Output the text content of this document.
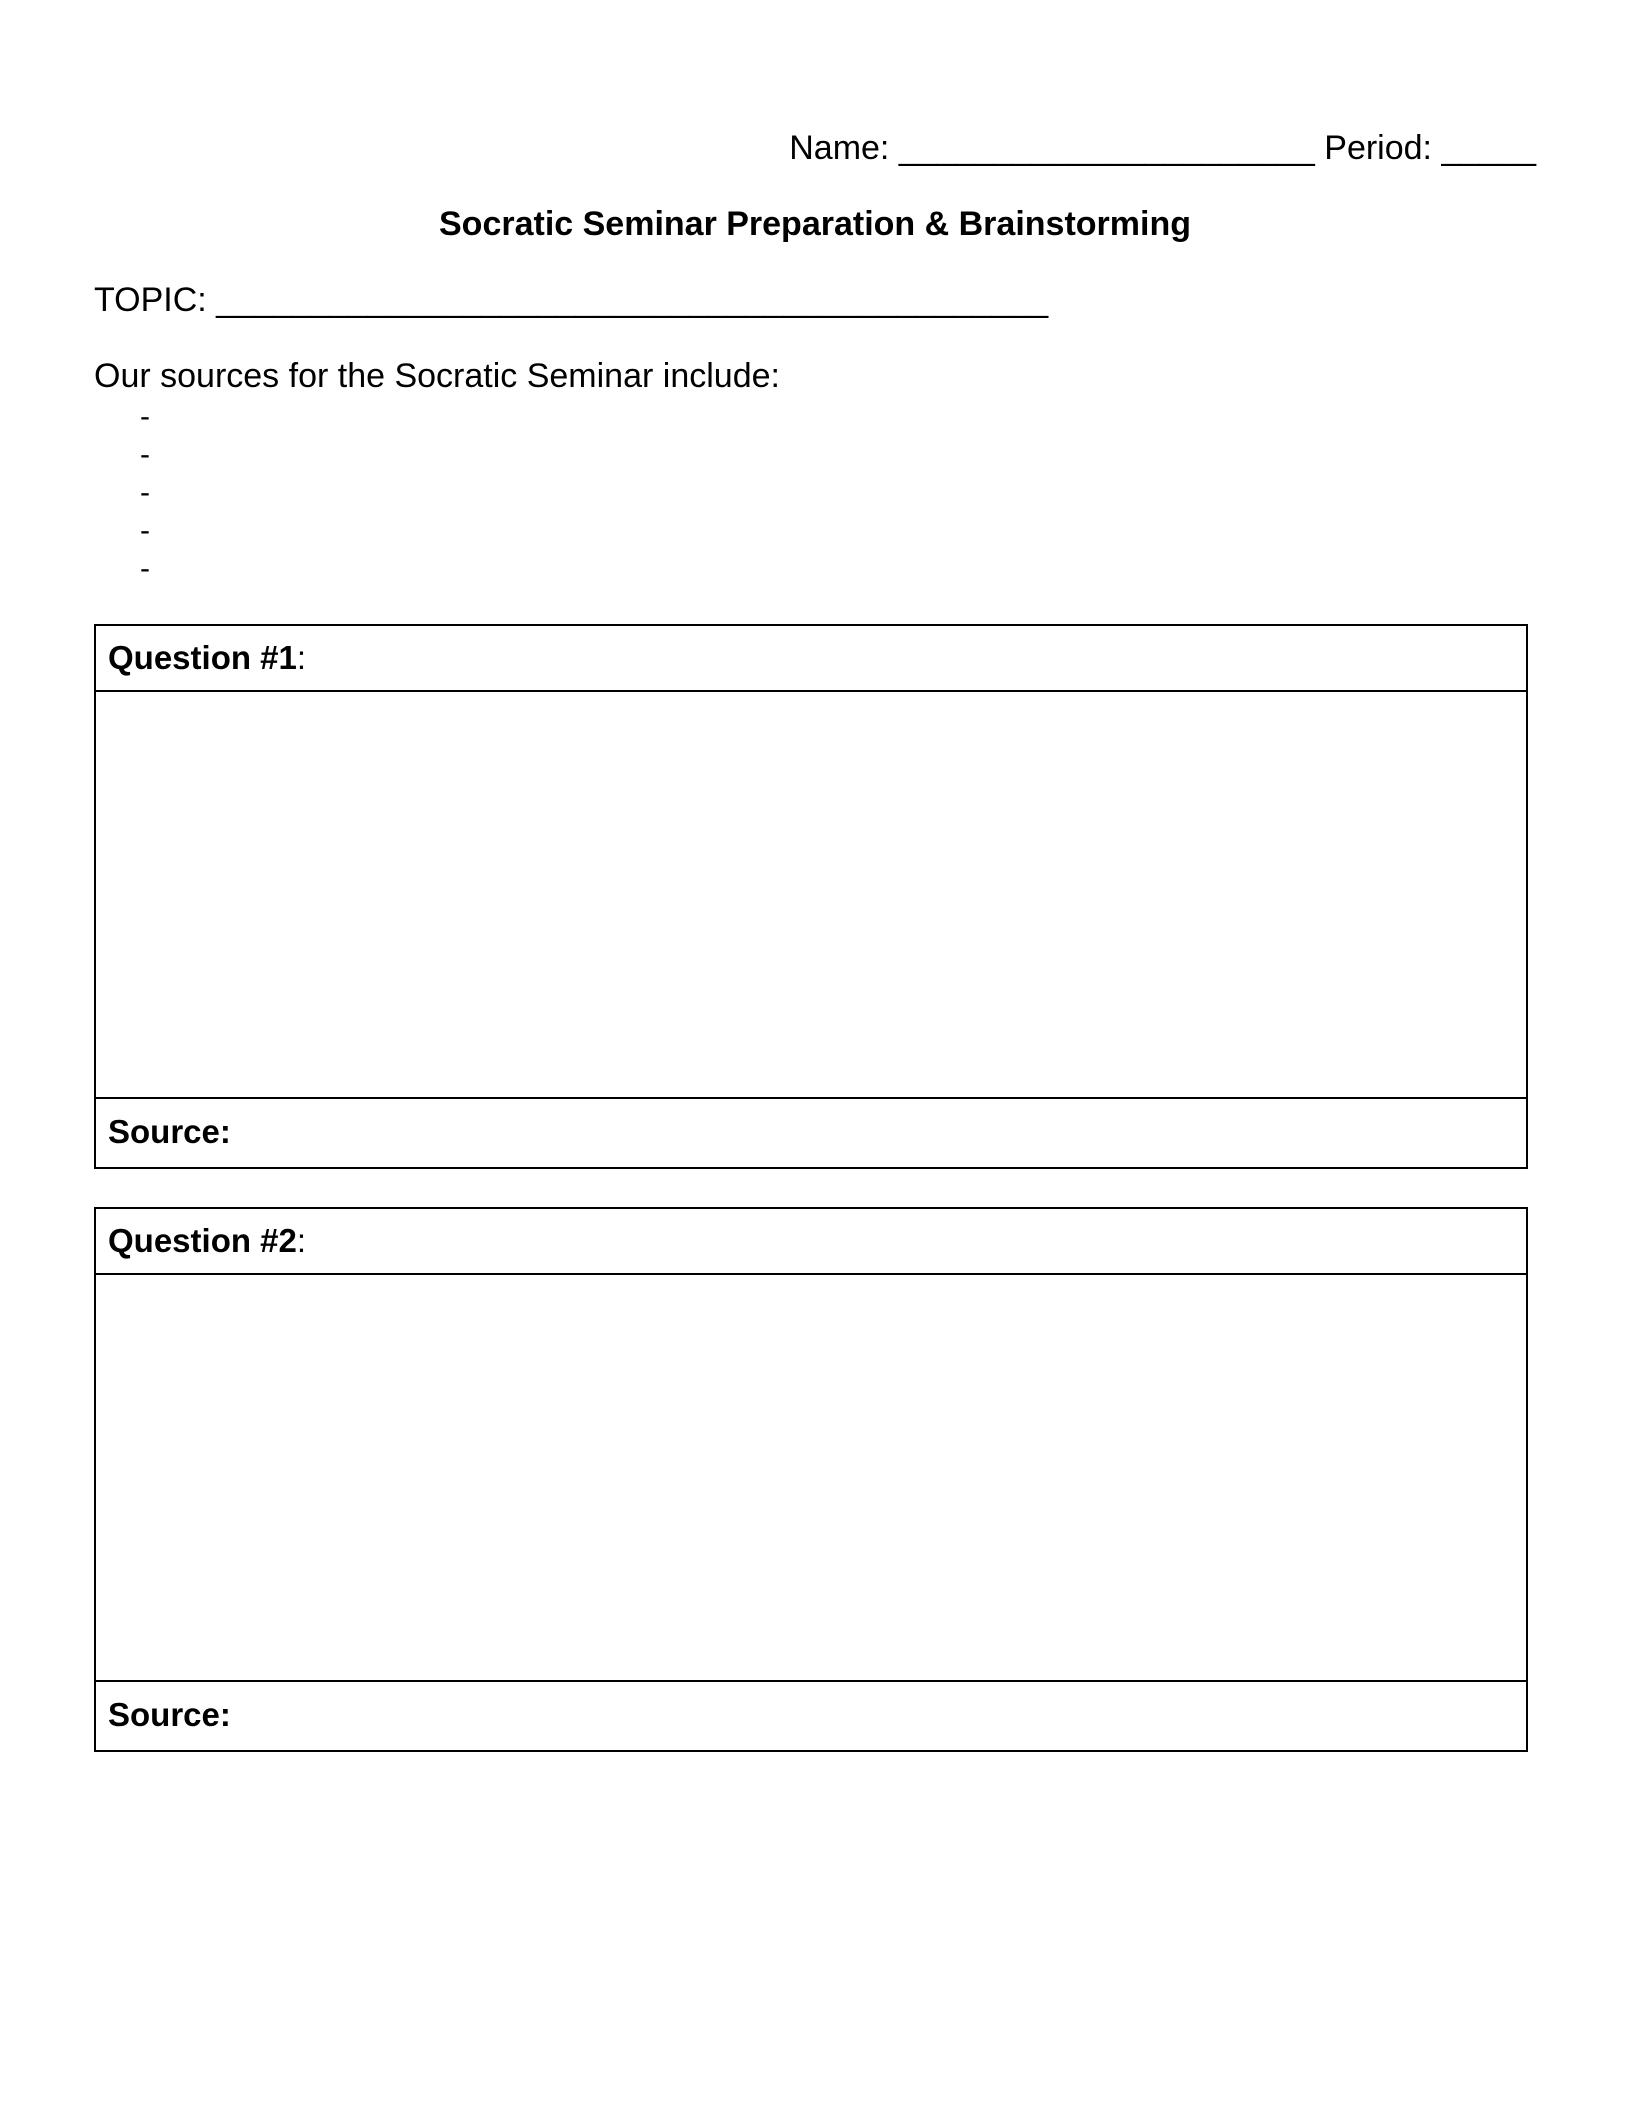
Name: ______________________ Period: _____
Socratic Seminar Preparation & Brainstorming
TOPIC: ____________________________________________
Our sources for the Socratic Seminar include:
-
-
-
-
-
Question #1:
Source:
Question #2:
Source:
